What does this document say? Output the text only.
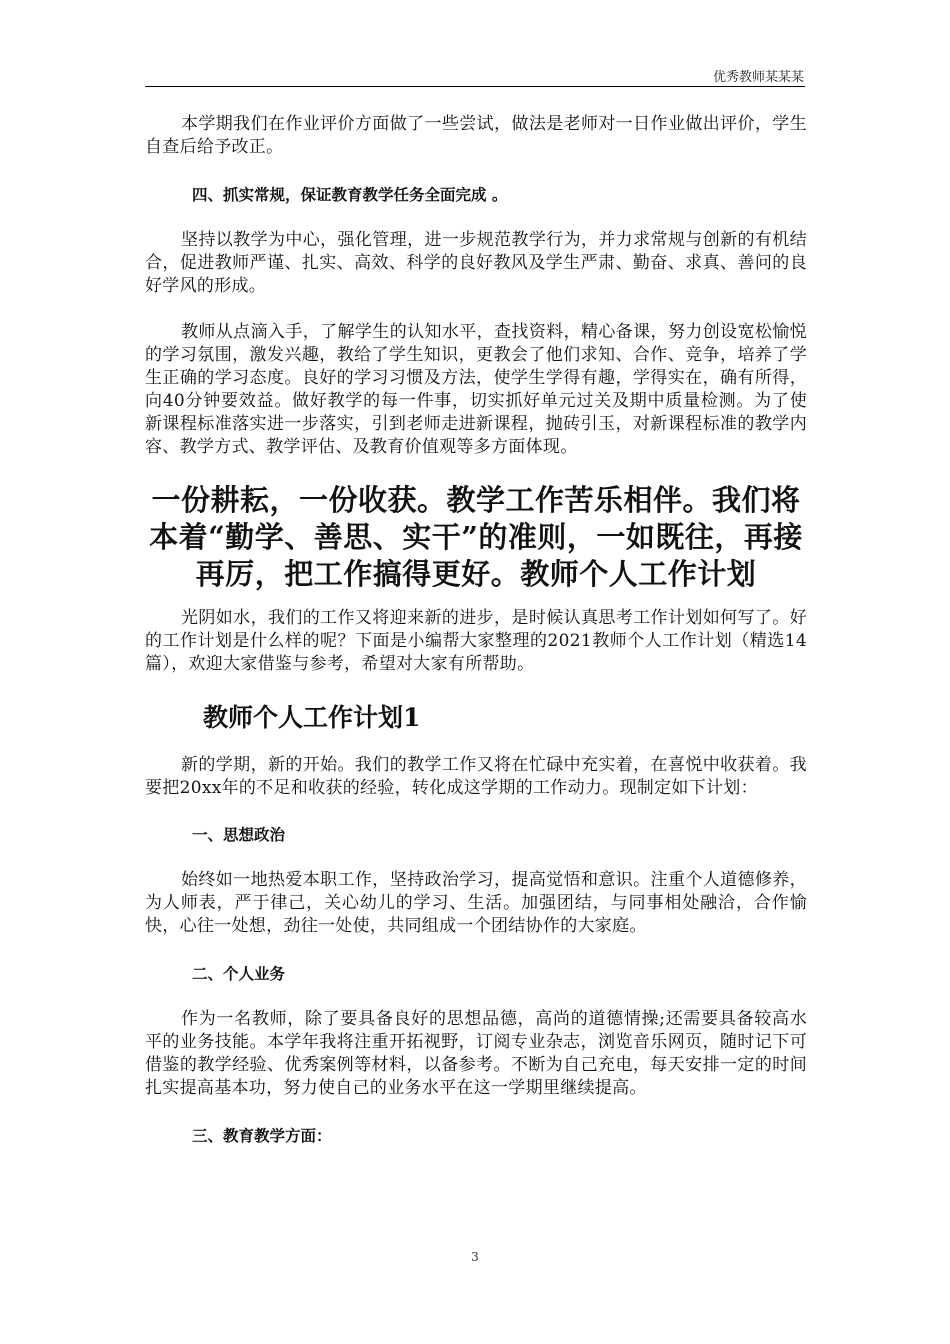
优秀教师某某某

本学期我们在作业评价方面做了一些尝试，做法是老师对一日作业做出评价，学生自查后给予改正。

四、抓实常规，保证教育教学任务全面完成 。

坚持以教学为中心，强化管理，进一步规范教学行为，并力求常规与创新的有机结合，促进教师严谨、扎实、高效、科学的良好教风及学生严肃、勤奋、求真、善问的良好学风的形成。

教师从点滴入手，了解学生的认知水平，查找资料，精心备课，努力创设宽松愉悦的学习氛围，激发兴趣，教给了学生知识，更教会了他们求知、合作、竞争，培养了学生正确的学习态度。良好的学习习惯及方法，使学生学得有趣，学得实在，确有所得，向40分钟要效益。做好教学的每一件事，切实抓好单元过关及期中质量检测。为了使新课程标准落实进一步落实，引到老师走进新课程，抛砖引玉，对新课程标准的教学内容、教学方式、教学评估、及教育价值观等多方面体现。

一份耕耘，一份收获。教学工作苦乐相伴。我们将本着“勤学、善思、实干”的准则，一如既往，再接再厉，把工作搞得更好。教师个人工作计划

光阴如水，我们的工作又将迎来新的进步，是时候认真思考工作计划如何写了。好的工作计划是什么样的呢？下面是小编帮大家整理的2021教师个人工作计划（精选14篇），欢迎大家借鉴与参考，希望对大家有所帮助。

教师个人工作计划1

新的学期，新的开始。我们的教学工作又将在忙碌中充实着，在喜悦中收获着。我要把20xx年的不足和收获的经验，转化成这学期的工作动力。现制定如下计划：

一、思想政治

始终如一地热爱本职工作，坚持政治学习，提高觉悟和意识。注重个人道德修养，为人师表，严于律己，关心幼儿的学习、生活。加强团结，与同事相处融洽，合作愉快，心往一处想，劲往一处使，共同组成一个团结协作的大家庭。

二、个人业务

作为一名教师，除了要具备良好的思想品德，高尚的道德情操;还需要具备较高水平的业务技能。本学年我将注重开拓视野，订阅专业杂志，浏览音乐网页，随时记下可借鉴的教学经验、优秀案例等材料，以备参考。不断为自己充电，每天安排一定的时间扎实提高基本功，努力使自己的业务水平在这一学期里继续提高。

三、教育教学方面：

3
